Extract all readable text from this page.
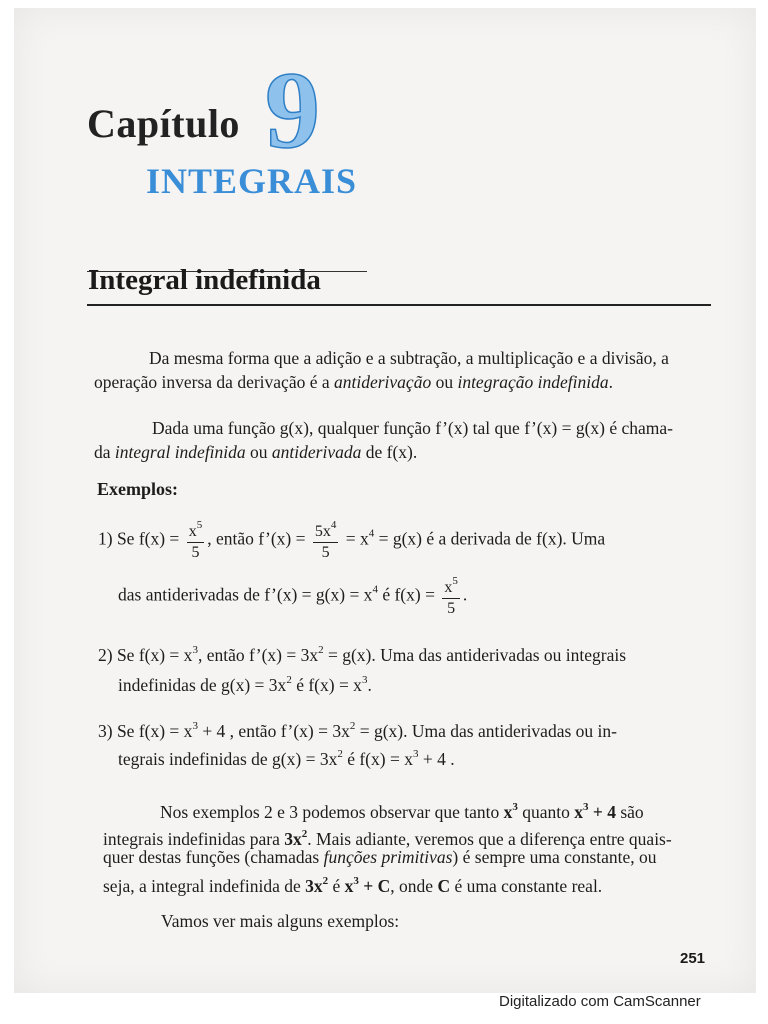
Capítulo 9
INTEGRAIS
Integral indefinida
Da mesma forma que a adição e a subtração, a multiplicação e a divisão, a
operação inversa da derivação é a antiderivação ou integração indefinida.
Dada uma função g(x), qualquer função f’(x) tal que f’(x) = g(x) é chama-
da integral indefinida ou antiderivada de f(x).
Exemplos:
1) Se $f(x) = \frac{x^5}{5}$ , então f’(x) = $\frac{5x^4}{5} = x^4 = g(x)$ é a derivada de f(x). Uma
das antiderivadas de f’(x) = $g(x) = x^4$ é $f(x) = \frac{x^5}{5}$ .
2) Se $f(x) = x^3$, então f’(x) = $3x^2 = g(x)$. Uma das antiderivadas ou integrais
indefinidas de $g(x) = 3x^2$ é $f(x) = x^3$.
3) Se $f(x) = x^3 + 4$ , então f’(x) = $3x^2 = g(x)$. Uma das antiderivadas ou in-
tegrais indefinidas de $g(x) = 3x^2$ é $f(x) = x^3 + 4$ .
Nos exemplos 2 e 3 podemos observar que tanto $x^3$ quanto $x^3 + 4$ são
integrais indefinidas para $3x^2$. Mais adiante, veremos que a diferença entre quais-
quer destas funções (chamadas funções primitivas) é sempre uma constante, ou
seja, a integral indefinida de $3x^2$ é $x^3 + C$, onde C é uma constante real.
Vamos ver mais alguns exemplos:
251
Digitalizado com CamScanner
